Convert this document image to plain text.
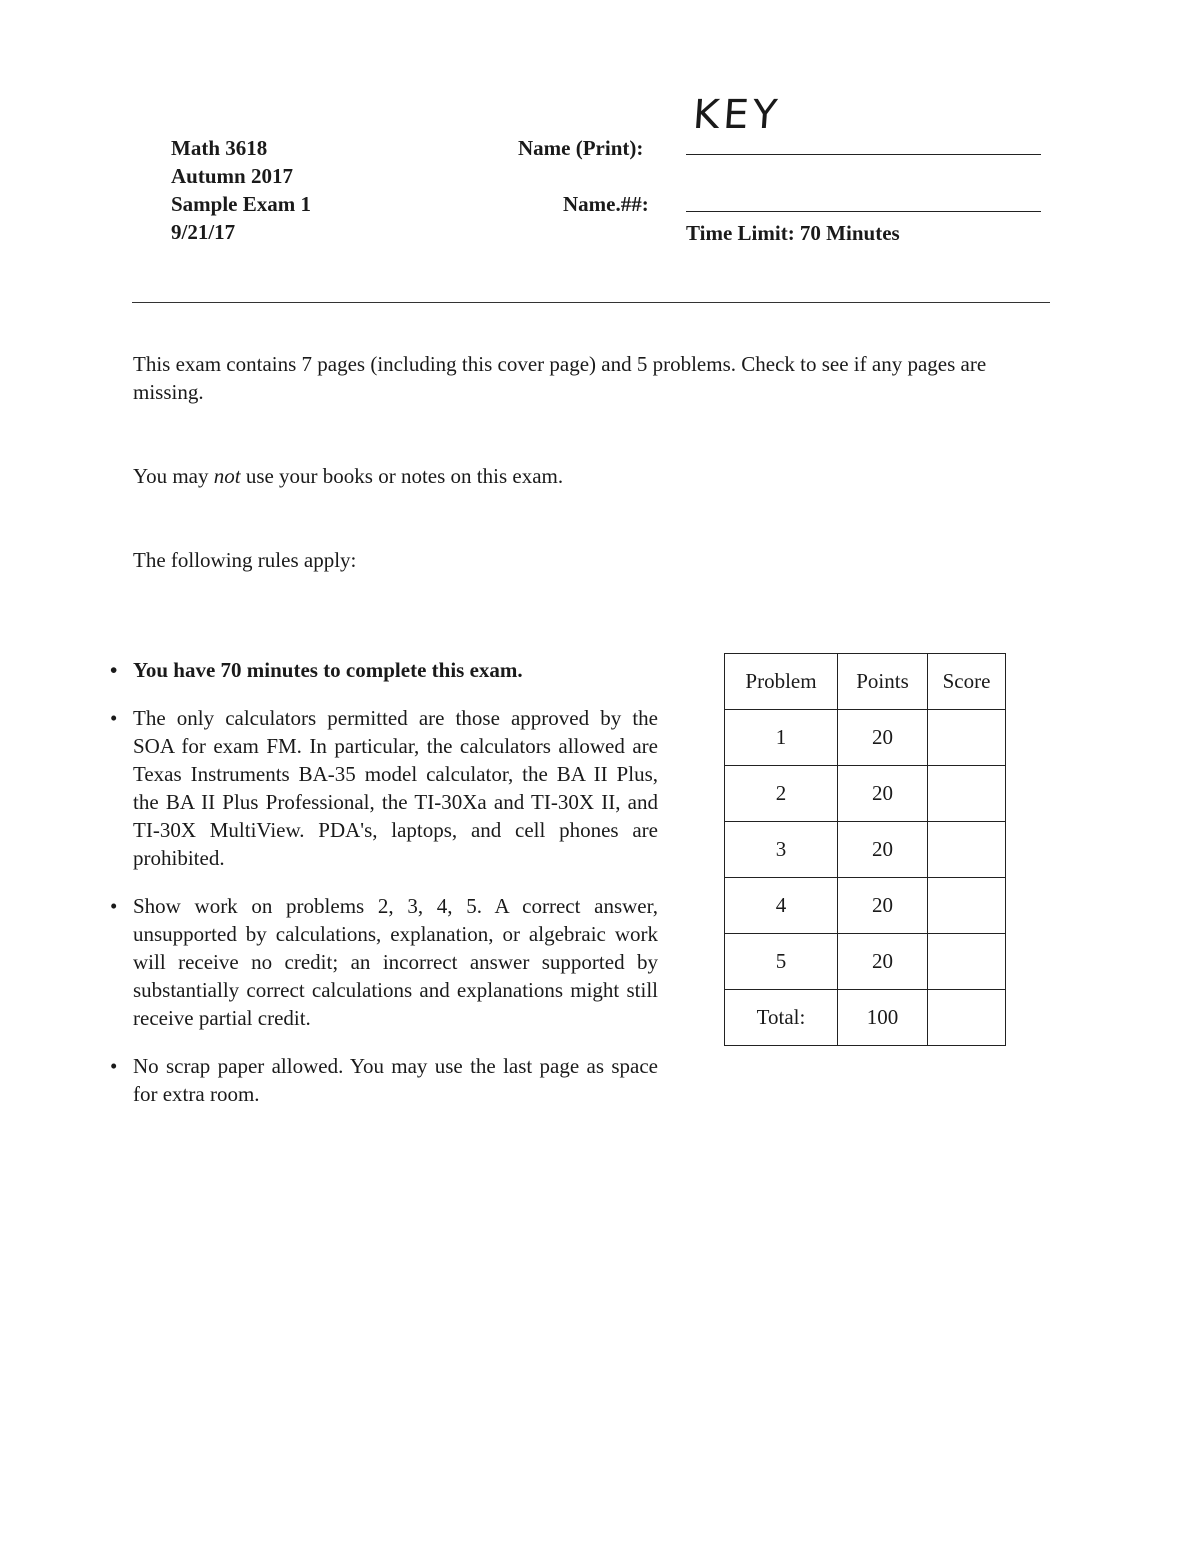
Math 3618
Autumn 2017
Sample Exam 1
9/21/17
Name (Print):
KEY
Name.##:
Time Limit: 70 Minutes
This exam contains 7 pages (including this cover page) and 5 problems. Check to see if any pages are missing.
You may not use your books or notes on this exam.
The following rules apply:
• You have 70 minutes to complete this exam.
• The only calculators permitted are those approved by the SOA for exam FM. In particular, the calculators allowed are Texas Instruments BA-35 model calculator, the BA II Plus, the BA II Plus Professional, the TI-30Xa and TI-30X II, and TI-30X MultiView. PDA's, laptops, and cell phones are prohibited.
• Show work on problems 2, 3, 4, 5. A correct answer, unsupported by calculations, explanation, or algebraic work will receive no credit; an incorrect answer supported by substantially correct calculations and explanations might still receive partial credit.
• No scrap paper allowed. You may use the last page as space for extra room.
Problem	Points	Score
1	20	
2	20	
3	20	
4	20	
5	20	
Total:	100	
